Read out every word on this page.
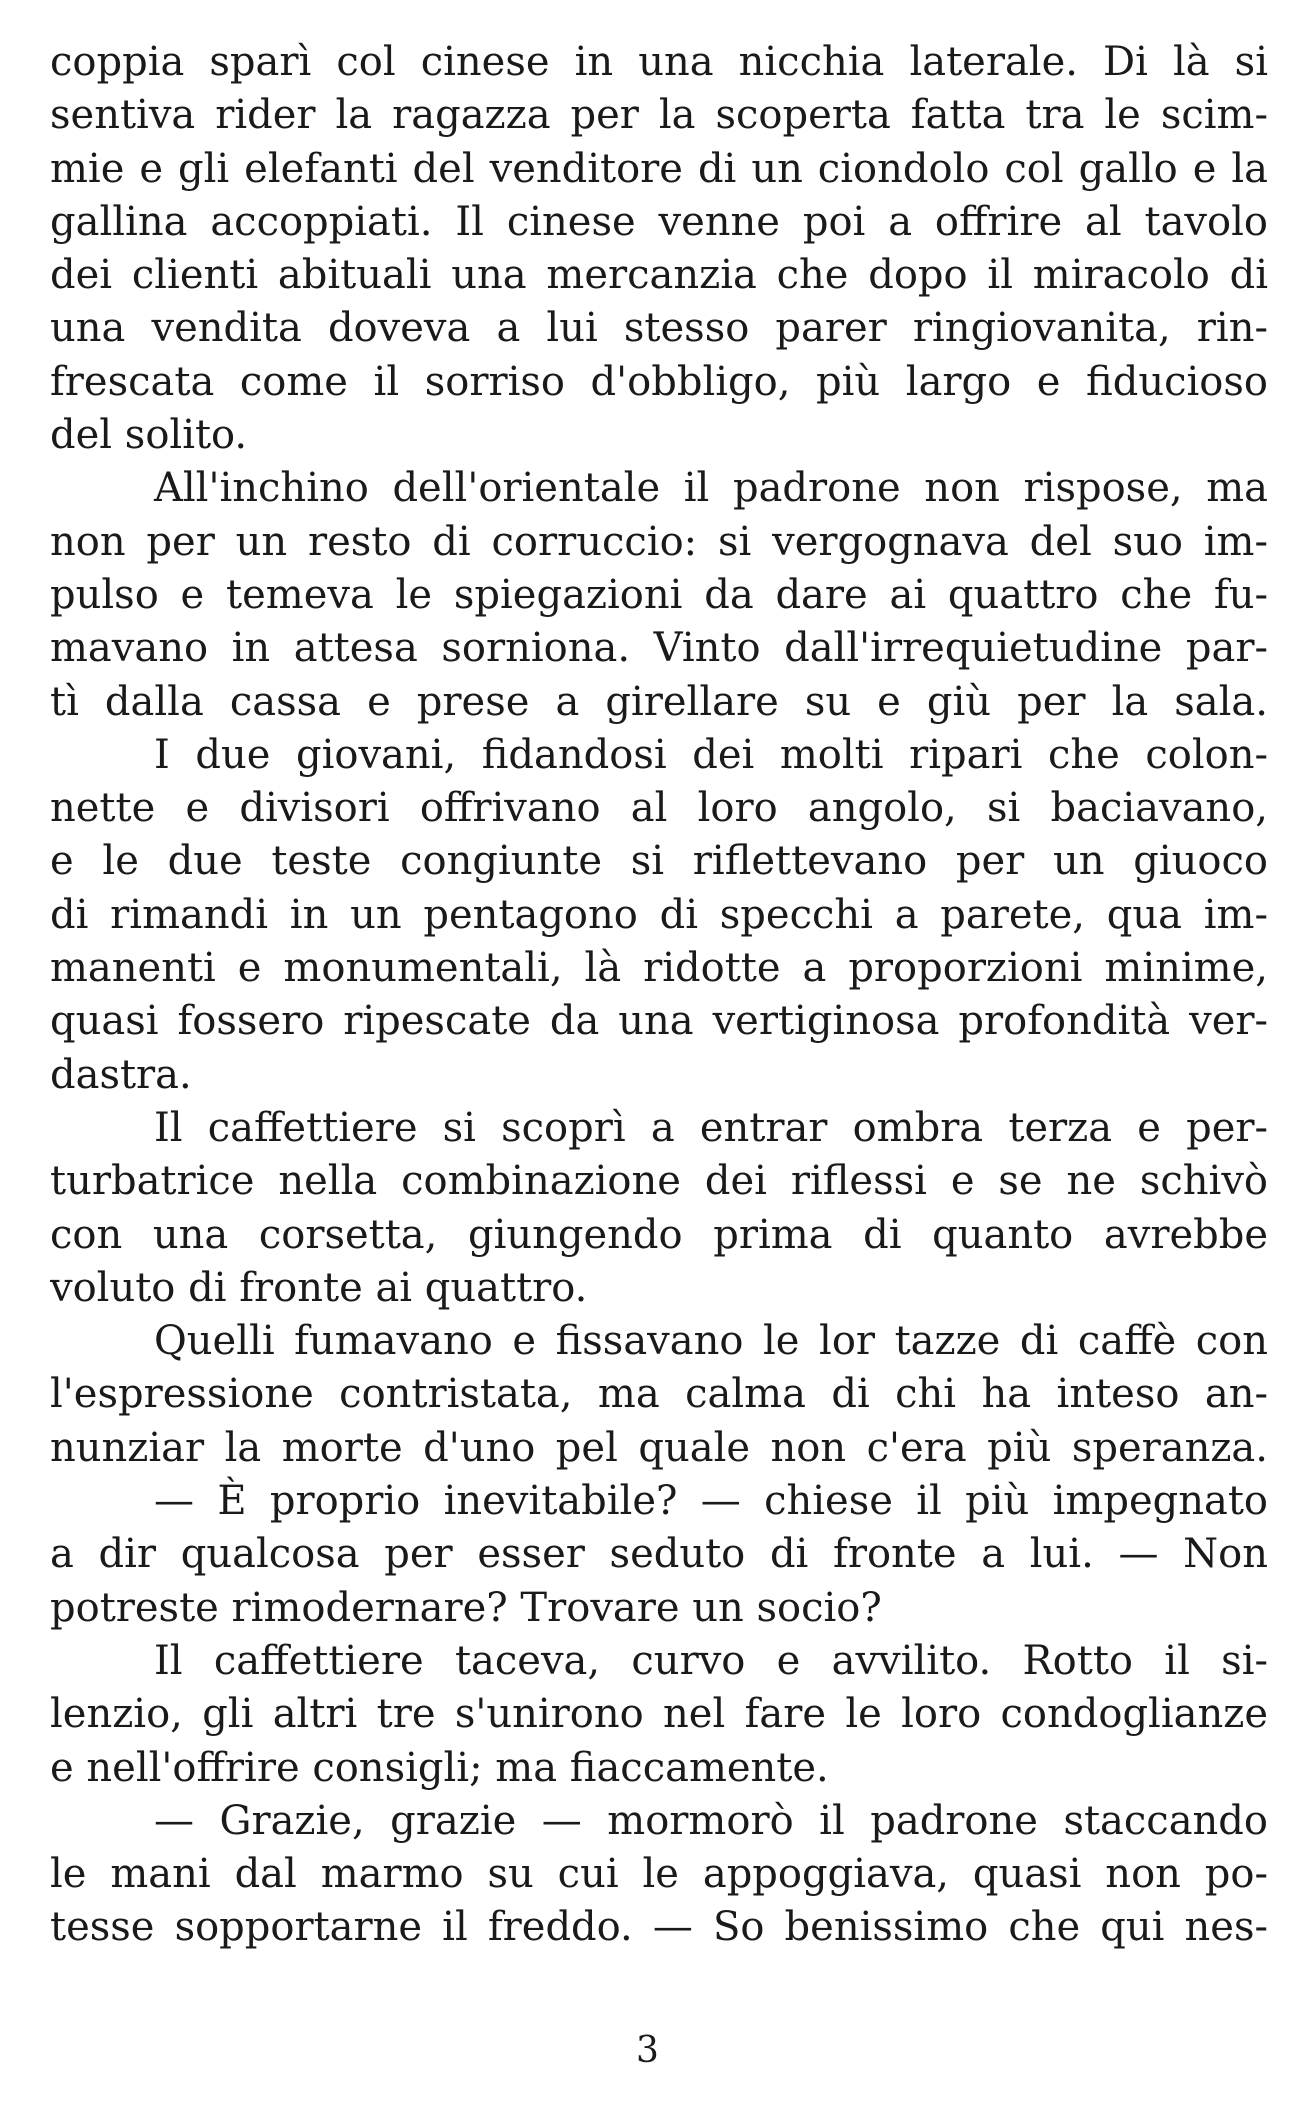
coppia sparì col cinese in una nicchia laterale. Di là si
sentiva rider la ragazza per la scoperta fatta tra le scim-
mie e gli elefanti del venditore di un ciondolo col gallo e la
gallina accoppiati. Il cinese venne poi a offrire al tavolo
dei clienti abituali una mercanzia che dopo il miracolo di
una vendita doveva a lui stesso parer ringiovanita, rin-
frescata come il sorriso d'obbligo, più largo e fiducioso
del solito.
All'inchino dell'orientale il padrone non rispose, ma
non per un resto di corruccio: si vergognava del suo im-
pulso e temeva le spiegazioni da dare ai quattro che fu-
mavano in attesa sorniona. Vinto dall'irrequietudine par-
tì dalla cassa e prese a girellare su e giù per la sala.
I due giovani, fidandosi dei molti ripari che colon-
nette e divisori offrivano al loro angolo, si baciavano,
e le due teste congiunte si riflettevano per un giuoco
di rimandi in un pentagono di specchi a parete, qua im-
manenti e monumentali, là ridotte a proporzioni minime,
quasi fossero ripescate da una vertiginosa profondità ver-
dastra.
Il caffettiere si scoprì a entrar ombra terza e per-
turbatrice nella combinazione dei riflessi e se ne schivò
con una corsetta, giungendo prima di quanto avrebbe
voluto di fronte ai quattro.
Quelli fumavano e fissavano le lor tazze di caffè con
l'espressione contristata, ma calma di chi ha inteso an-
nunziar la morte d'uno pel quale non c'era più speranza.
— È proprio inevitabile? — chiese il più impegnato
a dir qualcosa per esser seduto di fronte a lui. — Non
potreste rimodernare? Trovare un socio?
Il caffettiere taceva, curvo e avvilito. Rotto il si-
lenzio, gli altri tre s'unirono nel fare le loro condoglianze
e nell'offrire consigli; ma fiaccamente.
— Grazie, grazie — mormorò il padrone staccando
le mani dal marmo su cui le appoggiava, quasi non po-
tesse sopportarne il freddo. — So benissimo che qui nes-
3
